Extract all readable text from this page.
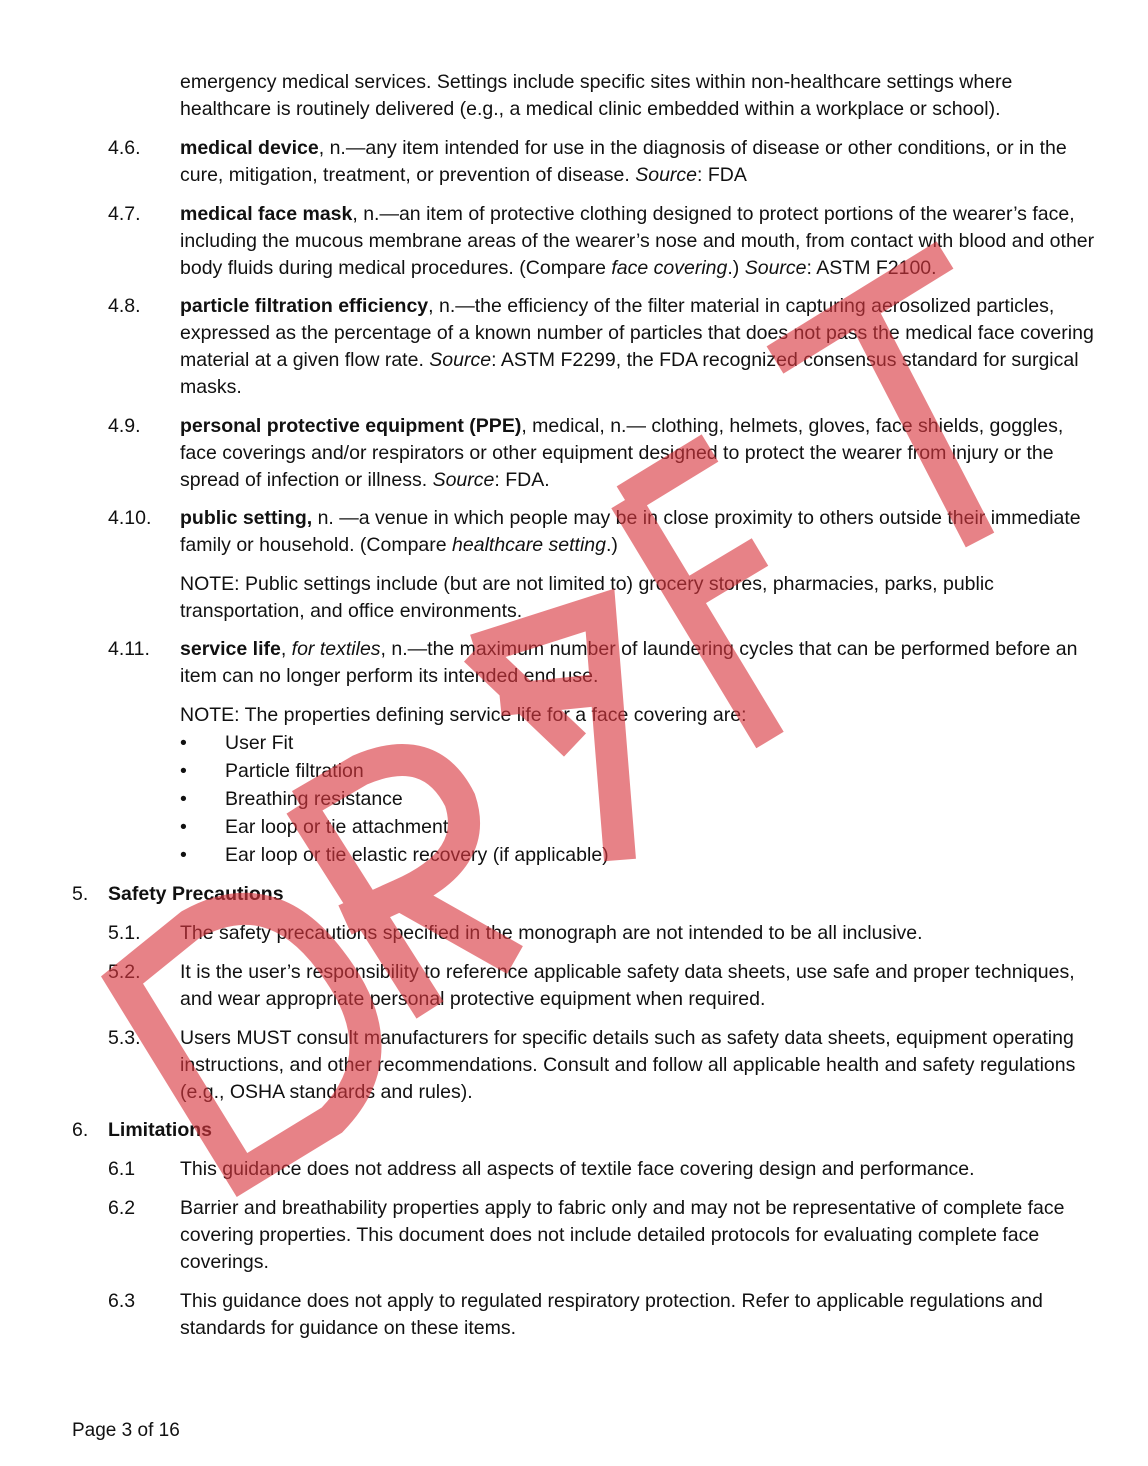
emergency medical services. Settings include specific sites within non-healthcare settings where healthcare is routinely delivered (e.g., a medical clinic embedded within a workplace or school).
4.6.	medical device, n.—any item intended for use in the diagnosis of disease or other conditions, or in the cure, mitigation, treatment, or prevention of disease. Source: FDA
4.7.	medical face mask, n.—an item of protective clothing designed to protect portions of the wearer’s face, including the mucous membrane areas of the wearer’s nose and mouth, from contact with blood and other body fluids during medical procedures. (Compare face covering.) Source: ASTM F2100.
4.8.	particle filtration efficiency, n.—the efficiency of the filter material in capturing aerosolized particles, expressed as the percentage of a known number of particles that does not pass the medical face covering material at a given flow rate. Source: ASTM F2299, the FDA recognized consensus standard for surgical masks.
4.9.	personal protective equipment (PPE), medical, n.— clothing, helmets, gloves, face shields, goggles, face coverings and/or respirators or other equipment designed to protect the wearer from injury or the spread of infection or illness. Source: FDA.
4.10.	public setting, n. —a venue in which people may be in close proximity to others outside their immediate family or household. (Compare healthcare setting.)
NOTE: Public settings include (but are not limited to) grocery stores, pharmacies, parks, public transportation, and office environments.
4.11.	service life, for textiles, n.—the maximum number of laundering cycles that can be performed before an item can no longer perform its intended end use.
NOTE: The properties defining service life for a face covering are:
•	User Fit
•	Particle filtration
•	Breathing resistance
•	Ear loop or tie attachment
•	Ear loop or tie elastic recovery (if applicable)
5.	Safety Precautions
5.1.	The safety precautions specified in the monograph are not intended to be all inclusive.
5.2.	It is the user’s responsibility to reference applicable safety data sheets, use safe and proper techniques, and wear appropriate personal protective equipment when required.
5.3.	Users MUST consult manufacturers for specific details such as safety data sheets, equipment operating instructions, and other recommendations. Consult and follow all applicable health and safety regulations (e.g., OSHA standards and rules).
6.	Limitations
6.1	This guidance does not address all aspects of textile face covering design and performance.
6.2	Barrier and breathability properties apply to fabric only and may not be representative of complete face covering properties. This document does not include detailed protocols for evaluating complete face coverings.
6.3	This guidance does not apply to regulated respiratory protection. Refer to applicable regulations and standards for guidance on these items.
Page 3 of 16
